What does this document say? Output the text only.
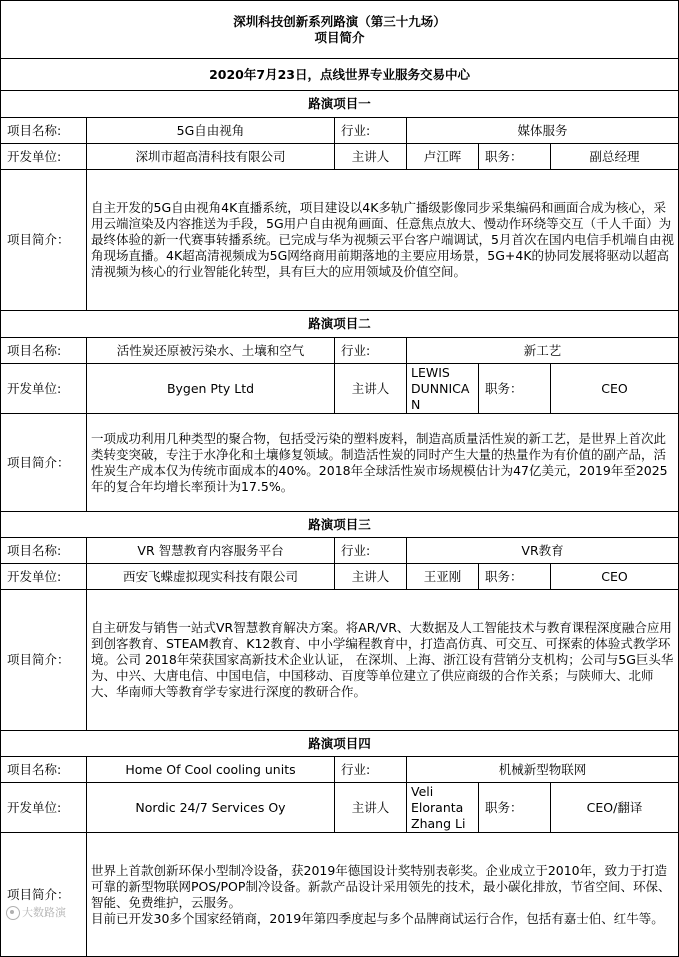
深圳科技创新系列路演（第三十九场）
项目简介					

2020年7月23日，点线世界专业服务交易中心					
路演项目一					
项目名称:	5G自由视角	行业:	媒体服务		
开发单位:	深圳市超高清科技有限公司	主讲人	卢江晖	职务：	副总经理
项目简介：	自主开发的5G自由视角4K直播系统，项目建设以4K多轨广播级影像同步采集编码和画面合成为核心，采用云端渲染及内容推送为手段，5G用户自由视角画面、任意焦点放大、慢动作环绕等交互（千人千面）为最终体验的新一代赛事转播系统。已完成与华为视频云平台客户端调试，5月首次在国内电信手机端自由视角现场直播。4K超高清视频成为5G网络商用前期落地的主要应用场景，5G+4K的协同发展将驱动以超高清视频为核心的行业智能化转型，具有巨大的应用领域及价值空间。				
路演项目二					
项目名称:	活性炭还原被污染水、土壤和空气	行业:	新工艺		
开发单位:	Bygen Pty Ltd	主讲人	LEWIS DUNNICAN	职务：	CEO
项目简介：	一项成功利用几种类型的聚合物，包括受污染的塑料废料，制造高质量活性炭的新工艺，是世界上首次此类转变突破，专注于水净化和土壤修复领域。制造活性炭的同时产生大量的热量作为有价值的副产品，活性炭生产成本仅为传统市面成本的40%。2018年全球活性炭市场规模估计为47亿美元，2019年至2025年的复合年均增长率预计为17.5%。				
路演项目三					
项目名称:	VR 智慧教育内容服务平台	行业:	VR教育		
开发单位:	西安飞蝶虚拟现实科技有限公司	主讲人	王亚刚	职务：	CEO
项目简介：	自主研发与销售一站式VR智慧教育解决方案。将AR/VR、大数据及人工智能技术与教育课程深度融合应用到创客教育、STEAM教育、K12教育、中小学编程教育中，打造高仿真、可交互、可探索的体验式教学环境。公司 2018年荣获国家高新技术企业认证， 在深圳、上海、浙江设有营销分支机构；公司与5G巨头华为、中兴、大唐电信、中国电信，中国移动、百度等单位建立了供应商级的合作关系；与陕师大、北师大、华南师大等教育学专家进行深度的教研合作。				
路演项目四					
项目名称:	Home Of Cool cooling units	行业:	机械新型物联网		
开发单位:	Nordic 24/7 Services Oy	主讲人	Veli Eloranta Zhang Li	职务：	CEO/翻译
项目简介：	世界上首款创新环保小型制冷设备，获2019年德国设计奖特别表彰奖。企业成立于2010年，致力于打造可靠的新型物联网POS/POP制冷设备。新款产品设计采用领先的技术，最小碳化排放，节省空间、环保、智能、免费维护，云服务。
目前已开发30多个国家经销商，2019年第四季度起与多个品牌商试运行合作，包括有嘉士伯、红牛等。				
大数路演
